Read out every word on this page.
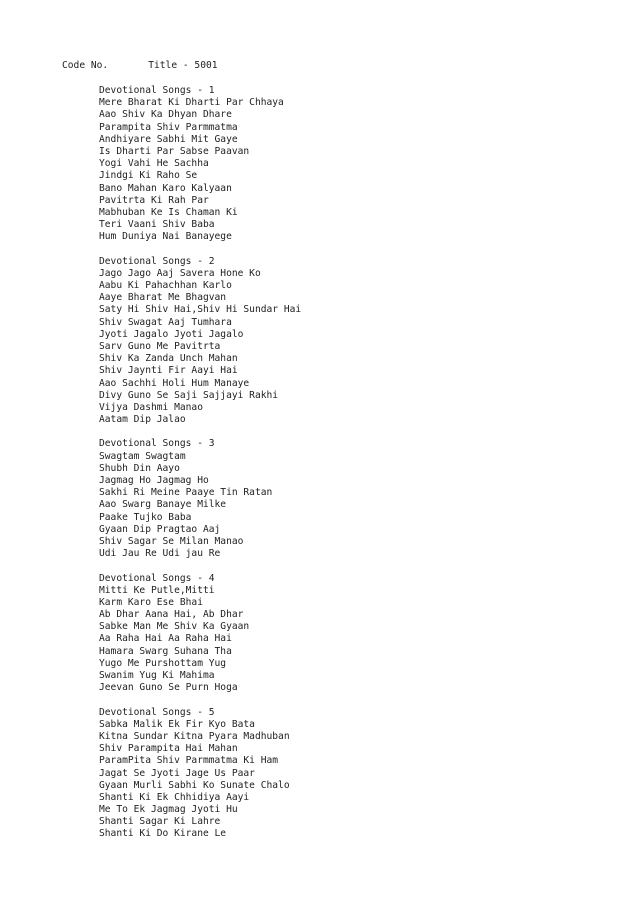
Code No.	Title - 5001
Devotional Songs - 1
Mere Bharat Ki Dharti Par Chhaya
Aao Shiv Ka Dhyan Dhare
Parampita Shiv Parmmatma
Andhiyare Sabhi Mit Gaye
Is Dharti Par Sabse Paavan
Yogi Vahi He Sachha
Jindgi Ki Raho Se
Bano Mahan Karo Kalyaan
Pavitrta Ki Rah Par
Mabhuban Ke Is Chaman Ki
Teri Vaani Shiv Baba
Hum Duniya Nai Banayege
Devotional Songs - 2
Jago Jago Aaj Savera Hone Ko
Aabu Ki Pahachhan Karlo
Aaye Bharat Me Bhagvan
Saty Hi Shiv Hai,Shiv Hi Sundar Hai
Shiv Swagat Aaj Tumhara
Jyoti Jagalo Jyoti Jagalo
Sarv Guno Me Pavitrta
Shiv Ka Zanda Unch Mahan
Shiv Jaynti Fir Aayi Hai
Aao Sachhi Holi Hum Manaye
Divy Guno Se Saji Sajjayi Rakhi
Vijya Dashmi Manao
Aatam Dip Jalao
Devotional Songs - 3
Swagtam Swagtam
Shubh Din Aayo
Jagmag Ho Jagmag Ho
Sakhi Ri Meine Paaye Tin Ratan
Aao Swarg Banaye Milke
Paake Tujko Baba
Gyaan Dip Pragtao Aaj
Shiv Sagar Se Milan Manao
Udi Jau Re Udi jau Re
Devotional Songs - 4
Mitti Ke Putle,Mitti
Karm Karo Ese Bhai
Ab Dhar Aana Hai, Ab Dhar
Sabke Man Me Shiv Ka Gyaan
Aa Raha Hai Aa Raha Hai
Hamara Swarg Suhana Tha
Yugo Me Purshottam Yug
Swanim Yug Ki Mahima
Jeevan Guno Se Purn Hoga
Devotional Songs - 5
Sabka Malik Ek Fir Kyo Bata
Kitna Sundar Kitna Pyara Madhuban
Shiv Parampita Hai Mahan
ParamPita Shiv Parmmatma Ki Ham
Jagat Se Jyoti Jage Us Paar
Gyaan Murli Sabhi Ko Sunate Chalo
Shanti Ki Ek Chhidiya Aayi
Me To Ek Jagmag Jyoti Hu
Shanti Sagar Ki Lahre
Shanti Ki Do Kirane Le
